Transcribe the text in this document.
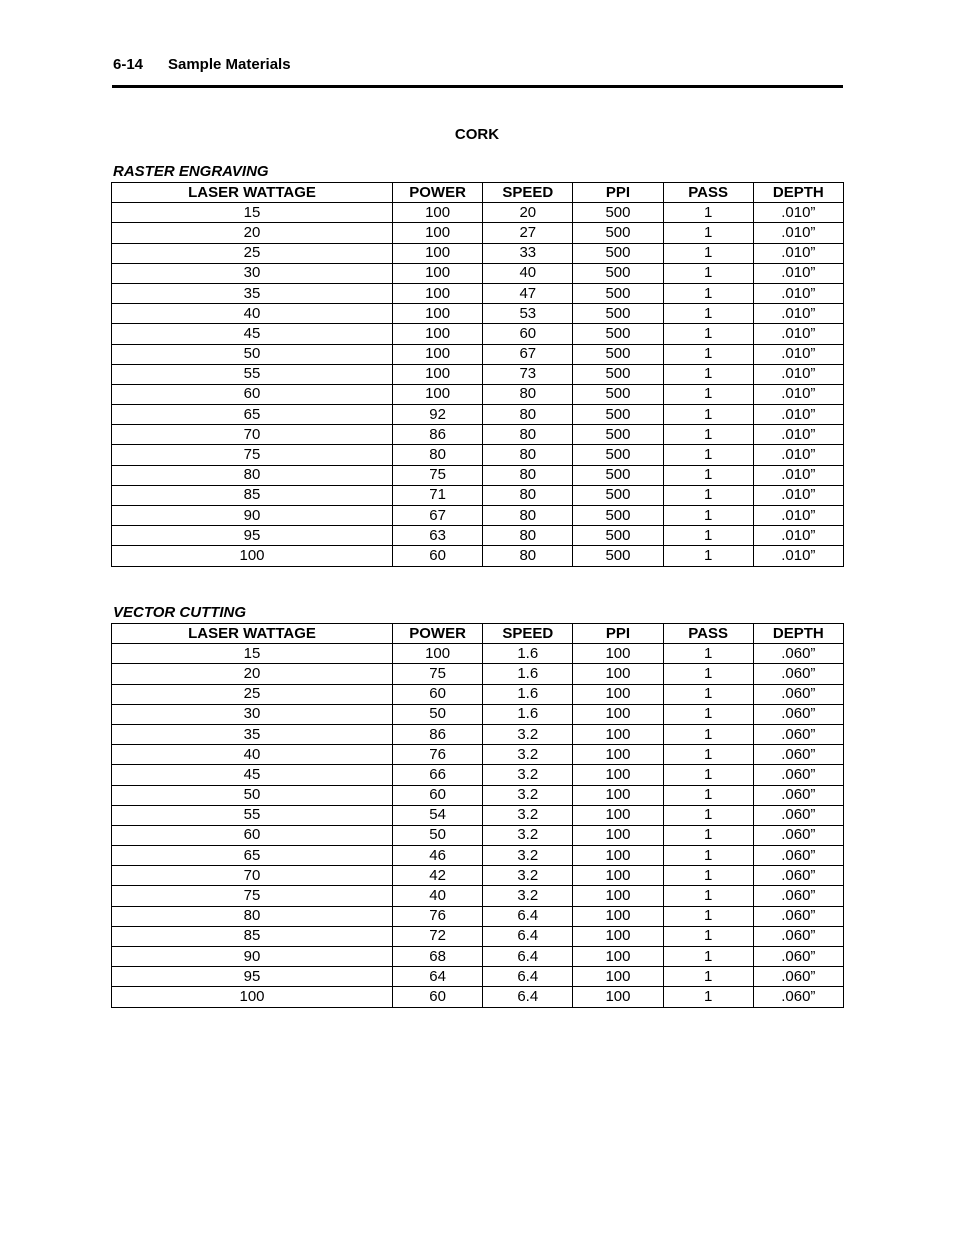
6-14 Sample Materials
CORK
RASTER ENGRAVING
LASER WATTAGE	POWER	SPEED	PPI	PASS	DEPTH
15	100	20	500	1	.010”
20	100	27	500	1	.010”
25	100	33	500	1	.010”
30	100	40	500	1	.010”
35	100	47	500	1	.010”
40	100	53	500	1	.010”
45	100	60	500	1	.010”
50	100	67	500	1	.010”
55	100	73	500	1	.010”
60	100	80	500	1	.010”
65	92	80	500	1	.010”
70	86	80	500	1	.010”
75	80	80	500	1	.010”
80	75	80	500	1	.010”
85	71	80	500	1	.010”
90	67	80	500	1	.010”
95	63	80	500	1	.010”
100	60	80	500	1	.010”
VECTOR CUTTING
LASER WATTAGE	POWER	SPEED	PPI	PASS	DEPTH
15	100	1.6	100	1	.060”
20	75	1.6	100	1	.060”
25	60	1.6	100	1	.060”
30	50	1.6	100	1	.060”
35	86	3.2	100	1	.060”
40	76	3.2	100	1	.060”
45	66	3.2	100	1	.060”
50	60	3.2	100	1	.060”
55	54	3.2	100	1	.060”
60	50	3.2	100	1	.060”
65	46	3.2	100	1	.060”
70	42	3.2	100	1	.060”
75	40	3.2	100	1	.060”
80	76	6.4	100	1	.060”
85	72	6.4	100	1	.060”
90	68	6.4	100	1	.060”
95	64	6.4	100	1	.060”
100	60	6.4	100	1	.060”
